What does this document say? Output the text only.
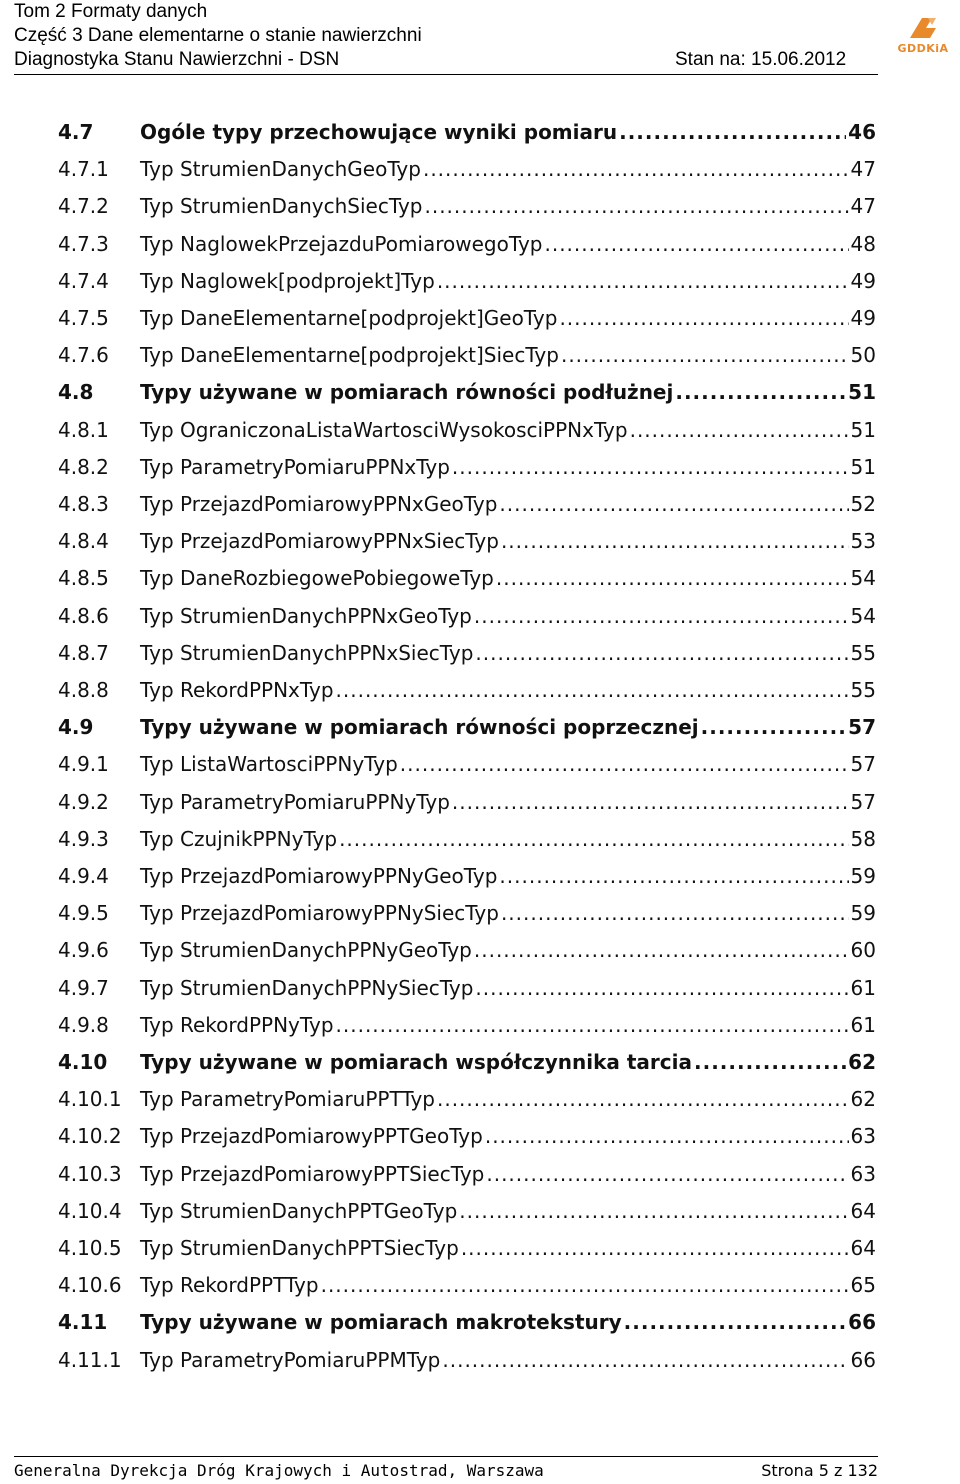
Tom 2 Formaty danych
Część 3 Dane elementarne o stanie nawierzchni
Diagnostyka Stanu Nawierzchni - DSN	Stan na: 15.06.2012
GDDKiA
4.7	Ogóle typy przechowujące wyniki pomiaru .....	46
4.7.1	Typ StrumienDanychGeoTyp .....	47
4.7.2	Typ StrumienDanychSiecTyp .....	47
4.7.3	Typ NaglowekPrzejazduPomiarowegoTyp .....	48
4.7.4	Typ Naglowek[podprojekt]Typ .....	49
4.7.5	Typ DaneElementarne[podprojekt]GeoTyp .....	49
4.7.6	Typ DaneElementarne[podprojekt]SiecTyp .....	50
4.8	Typy używane w pomiarach równości podłużnej .....	51
4.8.1	Typ OgraniczonaListaWartosciWysokosciPPNxTyp .....	51
4.8.2	Typ ParametryPomiaruPPNxTyp .....	51
4.8.3	Typ PrzejazdPomiarowyPPNxGeoTyp .....	52
4.8.4	Typ PrzejazdPomiarowyPPNxSiecTyp .....	53
4.8.5	Typ DaneRozbiegowePobiegoweTyp .....	54
4.8.6	Typ StrumienDanychPPNxGeoTyp .....	54
4.8.7	Typ StrumienDanychPPNxSiecTyp .....	55
4.8.8	Typ RekordPPNxTyp .....	55
4.9	Typy używane w pomiarach równości poprzecznej .....	57
4.9.1	Typ ListaWartosciPPNyTyp .....	57
4.9.2	Typ ParametryPomiaruPPNyTyp .....	57
4.9.3	Typ CzujnikPPNyTyp .....	58
4.9.4	Typ PrzejazdPomiarowyPPNyGeoTyp .....	59
4.9.5	Typ PrzejazdPomiarowyPPNySiecTyp .....	59
4.9.6	Typ StrumienDanychPPNyGeoTyp .....	60
4.9.7	Typ StrumienDanychPPNySiecTyp .....	61
4.9.8	Typ RekordPPNyTyp .....	61
4.10	Typy używane w pomiarach współczynnika tarcia .....	62
4.10.1 Typ ParametryPomiaruPPTTyp .....	62
4.10.2 Typ PrzejazdPomiarowyPPTGeoTyp .....	63
4.10.3 Typ PrzejazdPomiarowyPPTSiecTyp .....	63
4.10.4 Typ StrumienDanychPPTGeoTyp .....	64
4.10.5 Typ StrumienDanychPPTSiecTyp .....	64
4.10.6 Typ RekordPPTTyp .....	65
4.11	Typy używane w pomiarach makrotekstury .....	66
4.11.1 Typ ParametryPomiaruPPMTyp .....	66
Generalna Dyrekcja Dróg Krajowych i Autostrad, Warszawa	Strona 5 z 132
